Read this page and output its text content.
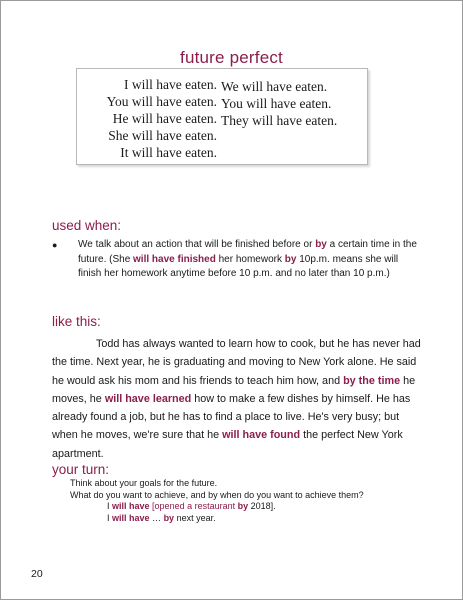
future perfect
I will have eaten.
You will have eaten.
He will have eaten.
She will have eaten.
It will have eaten.
We will have eaten.
You will have eaten.
They will have eaten.
used when:
● We talk about an action that will be finished before or by a certain time in the future. (She will have finished her homework by 10p.m. means she will finish her homework anytime before 10 p.m. and no later than 10 p.m.)
like this:
Todd has always wanted to learn how to cook, but he has never had the time. Next year, he is graduating and moving to New York alone. He said he would ask his mom and his friends to teach him how, and by the time he moves, he will have learned how to make a few dishes by himself. He has already found a job, but he has to find a place to live. He's very busy; but when he moves, we're sure that he will have found the perfect New York apartment.
your turn:
Think about your goals for the future.
What do you want to achieve, and by when do you want to achieve them?
I will have [opened a restaurant by 2018].
I will have … by next year.
20
